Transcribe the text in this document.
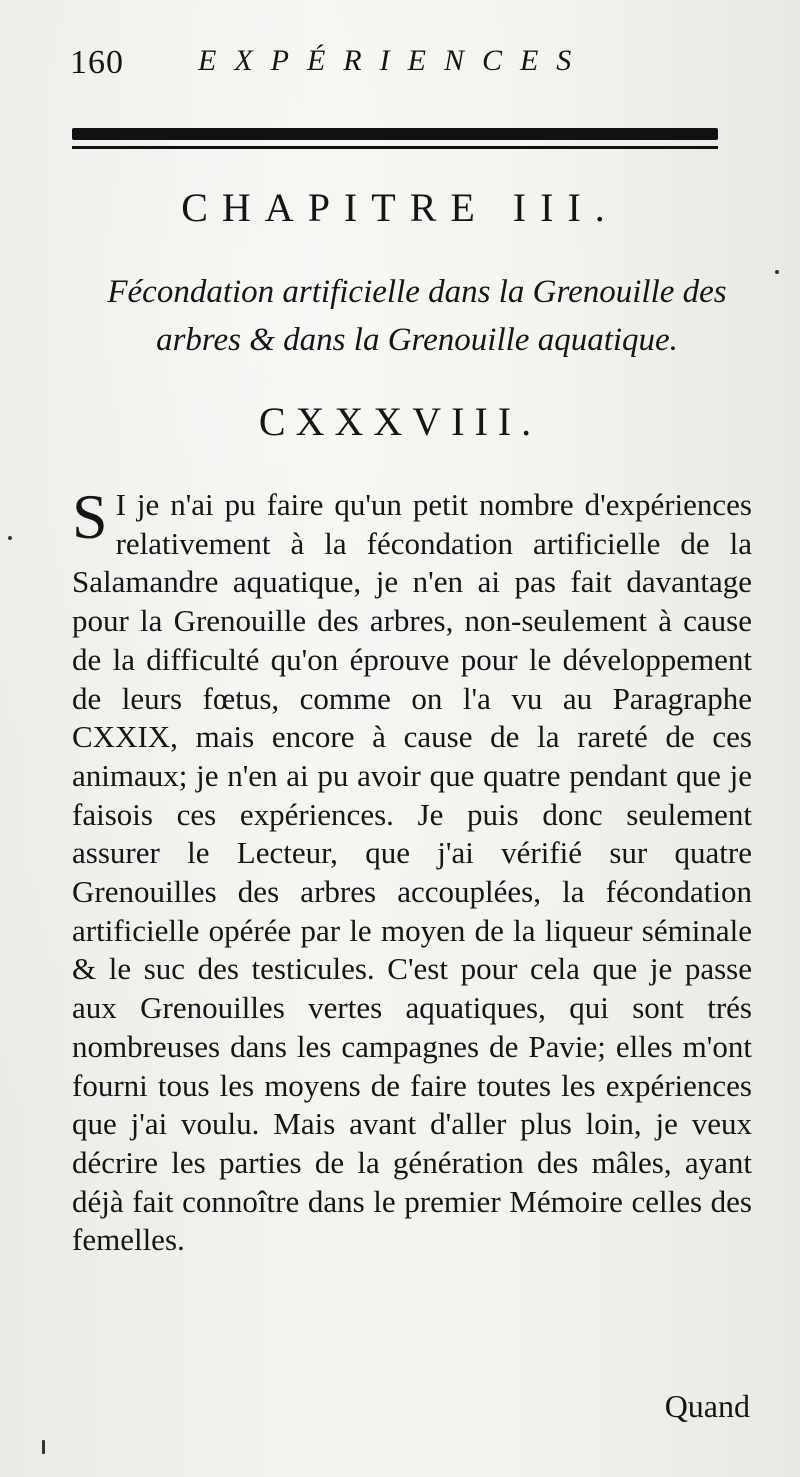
160 EXPÉRIENCES
CHAPITRE III.
Fécondation artificielle dans la Grenouille des arbres & dans la Grenouille aquatique.
CXXXVIII.
S I je n'ai pu faire qu'un petit nombre d'expériences relativement à la fécondation artificielle de la Salamandre aquatique, je n'en ai pas fait davantage pour la Grenouille des arbres, non-seulement à cause de la difficulté qu'on éprouve pour le développement de leurs fœtus, comme on l'a vu au Paragraphe CXXIX, mais encore à cause de la rareté de ces animaux; je n'en ai pu avoir que quatre pendant que je faisois ces expériences. Je puis donc seulement assurer le Lecteur, que j'ai vérifié sur quatre Grenouilles des arbres accouplées, la fécondation artificielle opérée par le moyen de la liqueur séminale & le suc des testicules. C'est pour cela que je passe aux Grenouilles vertes aquatiques, qui sont trés nombreuses dans les campagnes de Pavie; elles m'ont fourni tous les moyens de faire toutes les expériences que j'ai voulu. Mais avant d'aller plus loin, je veux décrire les parties de la génération des mâles, ayant déjà fait connoître dans le premier Mémoire celles des femelles.
Quand
